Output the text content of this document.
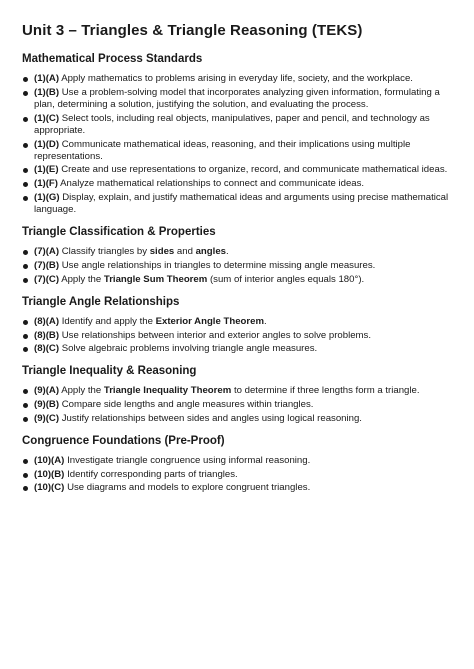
Unit 3 – Triangles & Triangle Reasoning (TEKS)
Mathematical Process Standards
(1)(A) Apply mathematics to problems arising in everyday life, society, and the workplace.
(1)(B) Use a problem-solving model that incorporates analyzing given information, formulating a plan, determining a solution, justifying the solution, and evaluating the process.
(1)(C) Select tools, including real objects, manipulatives, paper and pencil, and technology as appropriate.
(1)(D) Communicate mathematical ideas, reasoning, and their implications using multiple representations.
(1)(E) Create and use representations to organize, record, and communicate mathematical ideas.
(1)(F) Analyze mathematical relationships to connect and communicate ideas.
(1)(G) Display, explain, and justify mathematical ideas and arguments using precise mathematical language.
Triangle Classification & Properties
(7)(A) Classify triangles by sides and angles.
(7)(B) Use angle relationships in triangles to determine missing angle measures.
(7)(C) Apply the Triangle Sum Theorem (sum of interior angles equals 180°).
Triangle Angle Relationships
(8)(A) Identify and apply the Exterior Angle Theorem.
(8)(B) Use relationships between interior and exterior angles to solve problems.
(8)(C) Solve algebraic problems involving triangle angle measures.
Triangle Inequality & Reasoning
(9)(A) Apply the Triangle Inequality Theorem to determine if three lengths form a triangle.
(9)(B) Compare side lengths and angle measures within triangles.
(9)(C) Justify relationships between sides and angles using logical reasoning.
Congruence Foundations (Pre-Proof)
(10)(A) Investigate triangle congruence using informal reasoning.
(10)(B) Identify corresponding parts of triangles.
(10)(C) Use diagrams and models to explore congruent triangles.
